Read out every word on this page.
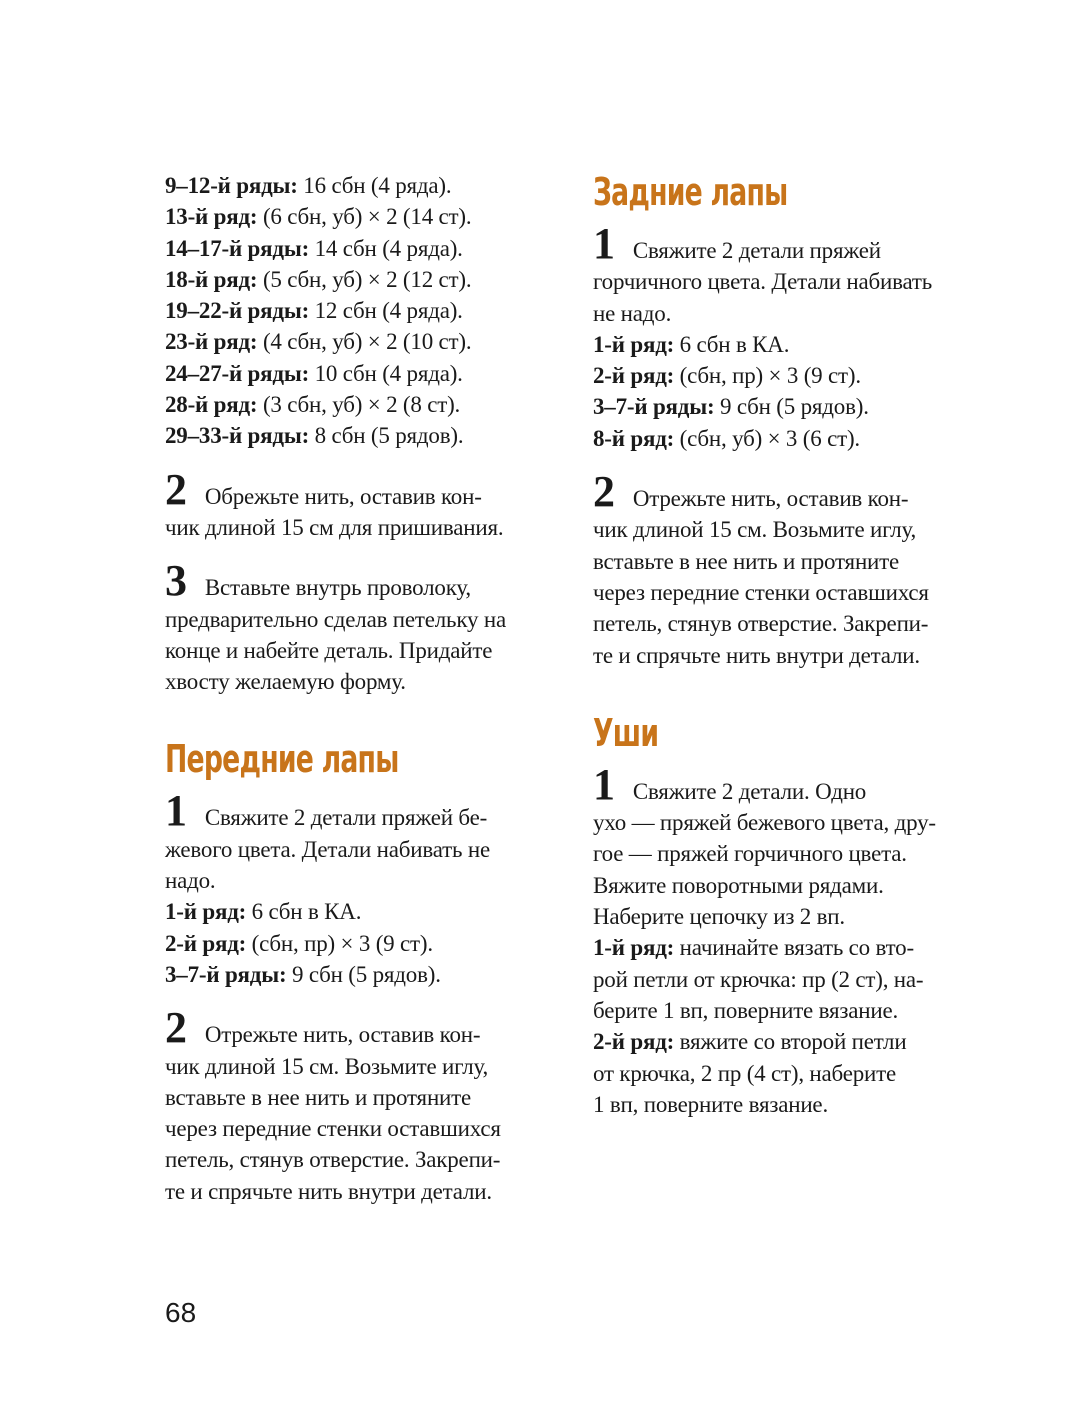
9–12-й ряды: 16 сбн (4 ряда).
13-й ряд: (6 сбн, уб) × 2 (14 ст).
14–17-й ряды: 14 сбн (4 ряда).
18-й ряд: (5 сбн, уб) × 2 (12 ст).
19–22-й ряды: 12 сбн (4 ряда).
23-й ряд: (4 сбн, уб) × 2 (10 ст).
24–27-й ряды: 10 сбн (4 ряда).
28-й ряд: (3 сбн, уб) × 2 (8 ст).
29–33-й ряды: 8 сбн (5 рядов).
2 Обрежьте нить, оставив кон-
чик длиной 15 см для пришивания.
3 Вставьте внутрь проволоку,
предварительно сделав петельку на
конце и набейте деталь. Придайте
хвосту желаемую форму.
Передние лапы
1 Свяжите 2 детали пряжей бе-
жевого цвета. Детали набивать не
надо.
1-й ряд: 6 сбн в КА.
2-й ряд: (сбн, пр) × 3 (9 ст).
3–7-й ряды: 9 сбн (5 рядов).
2 Отрежьте нить, оставив кон-
чик длиной 15 см. Возьмите иглу,
вставьте в нее нить и протяните
через передние стенки оставшихся
петель, стянув отверстие. Закрепи-
те и спрячьте нить внутри детали.
Задние лапы
1 Свяжите 2 детали пряжей
горчичного цвета. Детали набивать
не надо.
1-й ряд: 6 сбн в КА.
2-й ряд: (сбн, пр) × 3 (9 ст).
3–7-й ряды: 9 сбн (5 рядов).
8-й ряд: (сбн, уб) × 3 (6 ст).
2 Отрежьте нить, оставив кон-
чик длиной 15 см. Возьмите иглу,
вставьте в нее нить и протяните
через передние стенки оставшихся
петель, стянув отверстие. Закрепи-
те и спрячьте нить внутри детали.
Уши
1 Свяжите 2 детали. Одно
ухо — пряжей бежевого цвета, дру-
гое — пряжей горчичного цвета.
Вяжите поворотными рядами.
Наберите цепочку из 2 вп.
1-й ряд: начинайте вязать со вто-
рой петли от крючка: пр (2 ст), на-
берите 1 вп, поверните вязание.
2-й ряд: вяжите со второй петли
от крючка, 2 пр (4 ст), наберите
1 вп, поверните вязание.
68
